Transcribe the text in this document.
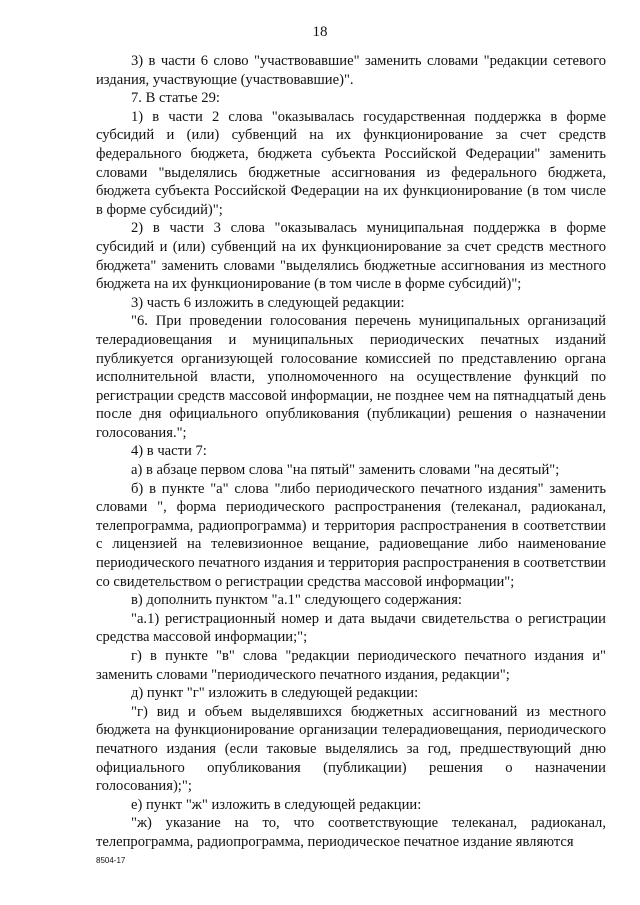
18

3) в части 6 слово "участвовавшие" заменить словами "редакции сетевого издания, участвующие (участвовавшие)".

7. В статье 29:

1) в части 2 слова "оказывалась государственная поддержка в форме субсидий и (или) субвенций на их функционирование за счет средств федерального бюджета, бюджета субъекта Российской Федерации" заменить словами "выделялись бюджетные ассигнования из федерального бюджета, бюджета субъекта Российской Федерации на их функционирование (в том числе в форме субсидий)";

2) в части 3 слова "оказывалась муниципальная поддержка в форме субсидий и (или) субвенций на их функционирование за счет средств местного бюджета" заменить словами "выделялись бюджетные ассигнования из местного бюджета на их функционирование (в том числе в форме субсидий)";

3) часть 6 изложить в следующей редакции:

"6. При проведении голосования перечень муниципальных организаций телерадиовещания и муниципальных периодических печатных изданий публикуется организующей голосование комиссией по представлению органа исполнительной власти, уполномоченного на осуществление функций по регистрации средств массовой информации, не позднее чем на пятнадцатый день после дня официального опубликования (публикации) решения о назначении голосования.";

4) в части 7:

а) в абзаце первом слова "на пятый" заменить словами "на десятый";

б) в пункте "а" слова "либо периодического печатного издания" заменить словами ", форма периодического распространения (телеканал, радиоканал, телепрограмма, радиопрограмма) и территория распространения в соответствии с лицензией на телевизионное вещание, радиовещание либо наименование периодического печатного издания и территория распространения в соответствии со свидетельством о регистрации средства массовой информации";

в) дополнить пунктом "а.1" следующего содержания:

"а.1) регистрационный номер и дата выдачи свидетельства о регистрации средства массовой информации;";

г) в пункте "в" слова "редакции периодического печатного издания и" заменить словами "периодического печатного издания, редакции";

д) пункт "г" изложить в следующей редакции:

"г) вид и объем выделявшихся бюджетных ассигнований из местного бюджета на функционирование организации телерадиовещания, периодического печатного издания (если таковые выделялись за год, предшествующий дню официального опубликования (публикации) решения о назначении голосования);";

е) пункт "ж" изложить в следующей редакции:

"ж) указание на то, что соответствующие телеканал, радиоканал, телепрограмма, радиопрограмма, периодическое печатное издание являются

8504-17
